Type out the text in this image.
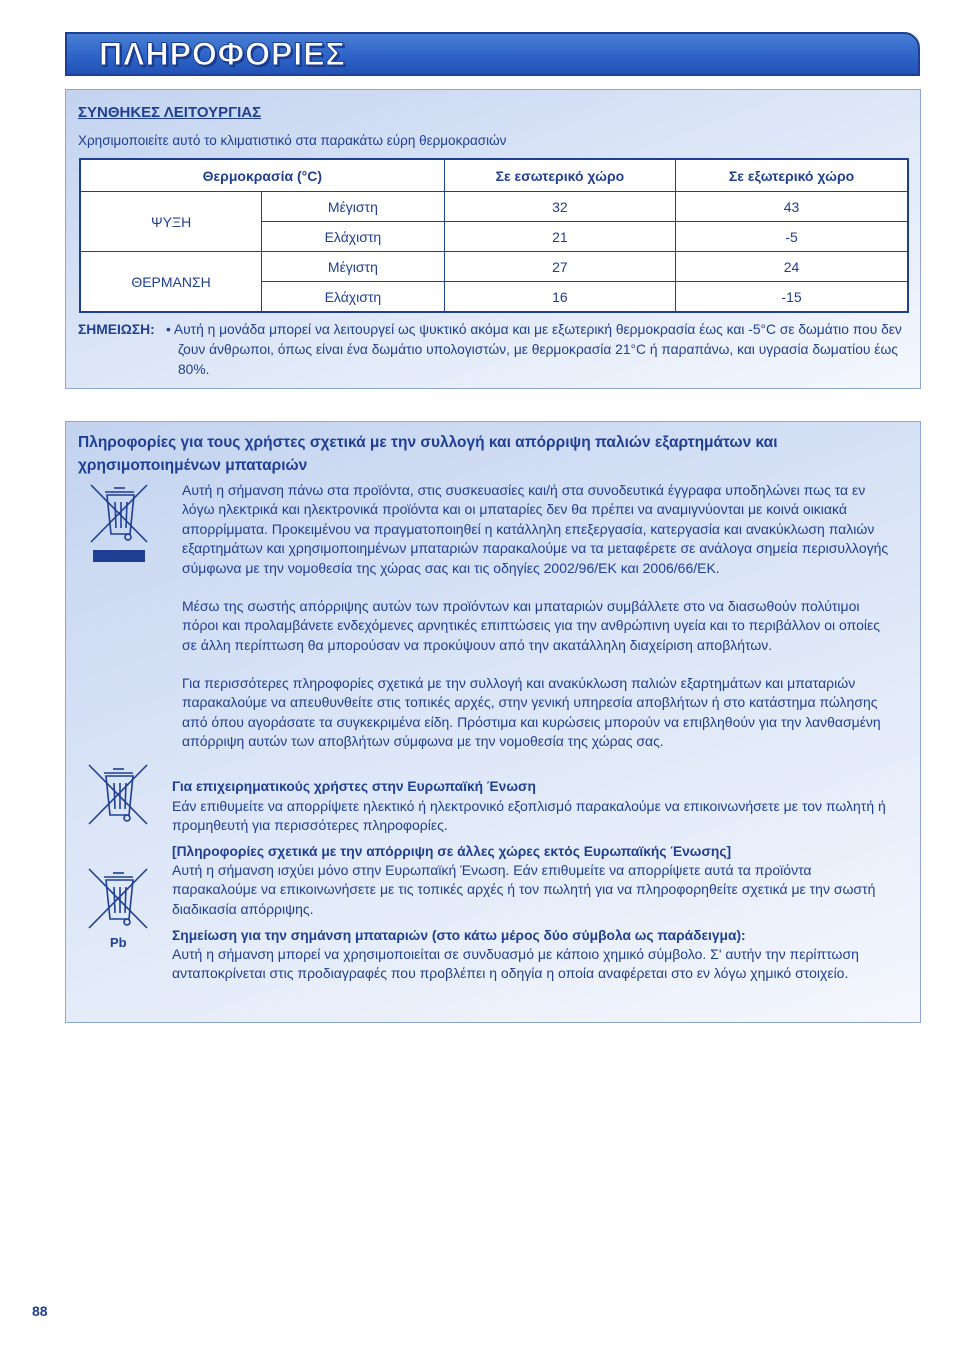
ΠΛΗΡΟΦΟΡΙΕΣ
ΣΥΝΘΗΚΕΣ ΛΕΙΤΟΥΡΓΙΑΣ
Χρησιμοποιείτε αυτό το κλιματιστικό στα παρακάτω εύρη θερμοκρασιών
Θερμοκρασία (°C)		Σε εσωτερικό χώρο	Σε εξωτερικό χώρο
ΨΥΞΗ	Μέγιστη	32	43
	Ελάχιστη	21	-5
ΘΕΡΜΑΝΣΗ	Μέγιστη	27	24
	Ελάχιστη	16	-15
ΣΗΜΕΙΩΣΗ: • Αυτή η μονάδα μπορεί να λειτουργεί ως ψυκτικό ακόμα και με εξωτερική θερμοκρασία έως και -5°C σε δωμάτιο που δεν ζουν άνθρωποι, όπως είναι ένα δωμάτιο υπολογιστών, με θερμοκρασία 21°C ή παραπάνω, και υγρασία δωματίου έως 80%.
Πληροφορίες για τους χρήστες σχετικά με την συλλογή και απόρριψη παλιών εξαρτημάτων και χρησιμοποιημένων μπαταριών
Pb
Αυτή η σήμανση πάνω στα προϊόντα, στις συσκευασίες και/ή στα συνοδευτικά έγγραφα υποδηλώνει πως τα εν λόγω ηλεκτρικά και ηλεκτρονικά προϊόντα και οι μπαταρίες δεν θα πρέπει να αναμιγνύονται με κοινά οικιακά απορρίμματα. Προκειμένου να πραγματοποιηθεί η κατάλληλη επεξεργασία, κατεργασία και ανακύκλωση παλιών εξαρτημάτων και χρησιμοποιημένων μπαταριών παρακαλούμε να τα μεταφέρετε σε ανάλογα σημεία περισυλλογής σύμφωνα με την νομοθεσία της χώρας σας και τις οδηγίες 2002/96/ΕΚ και 2006/66/ΕΚ.
Μέσω της σωστής απόρριψης αυτών των προϊόντων και μπαταριών συμβάλλετε στο να διασωθούν πολύτιμοι πόροι και προλαμβάνετε ενδεχόμενες αρνητικές επιπτώσεις για την ανθρώπινη υγεία και το περιβάλλον οι οποίες σε άλλη περίπτωση θα μπορούσαν να προκύψουν από την ακατάλληλη διαχείριση αποβλήτων.
Για περισσότερες πληροφορίες σχετικά με την συλλογή και ανακύκλωση παλιών εξαρτημάτων και μπαταριών παρακαλούμε να απευθυνθείτε στις τοπικές αρχές, στην γενική υπηρεσία αποβλήτων ή στο κατάστημα πώλησης από όπου αγοράσατε τα συγκεκριμένα είδη. Πρόστιμα και κυρώσεις μπορούν να επιβληθούν για την λανθασμένη απόρριψη αυτών των αποβλήτων σύμφωνα με την νομοθεσία της χώρας σας.
Για επιχειρηματικούς χρήστες στην Ευρωπαϊκή Ένωση
Εάν επιθυμείτε να απορρίψετε ηλεκτικό ή ηλεκτρονικό εξοπλισμό παρακαλούμε να επικοινωνήσετε με τον πωλητή ή προμηθευτή για περισσότερες πληροφορίες.
[Πληροφορίες σχετικά με την απόρριψη σε άλλες χώρες εκτός Ευρωπαϊκής Ένωσης]
Αυτή η σήμανση ισχύει μόνο στην Ευρωπαϊκή Ένωση. Εάν επιθυμείτε να απορρίψετε αυτά τα προϊόντα παρακαλούμε να επικοινωνήσετε με τις τοπικές αρχές ή τον πωλητή για να πληροφορηθείτε σχετικά με την σωστή διαδικασία απόρριψης.
Σημείωση για την σημάνση μπαταριών (στο κάτω μέρος δύο σύμβολα ως παράδειγμα):
Αυτή η σήμανση μπορεί να χρησιμοποιείται σε συνδυασμό με κάποιο χημικό σύμβολο. Σ' αυτήν την περίπτωση ανταποκρίνεται στις προδιαγραφές που προβλέπει η οδηγία η οποία αναφέρεται στο εν λόγω χημικό στοιχείο.
88
